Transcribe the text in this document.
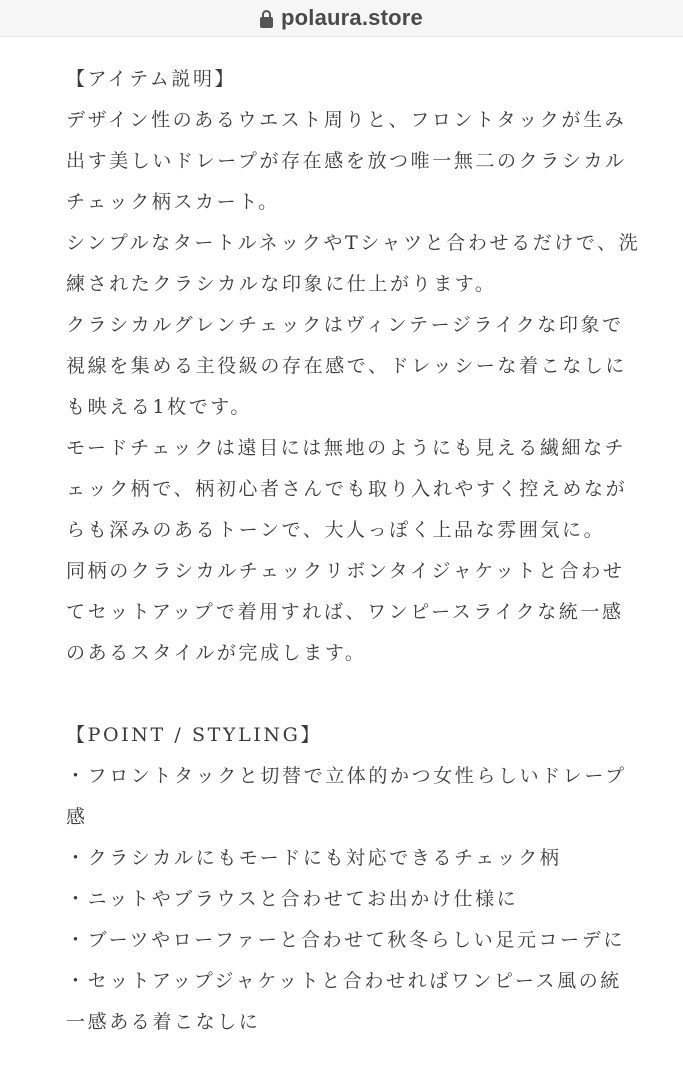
polaura.store
【アイテム説明】
デザイン性のあるウエスト周りと、フロントタックが生み
出す美しいドレープが存在感を放つ唯一無二のクラシカル
チェック柄スカート。
シンプルなタートルネックやTシャツと合わせるだけで、洗
練されたクラシカルな印象に仕上がります。
クラシカルグレンチェックはヴィンテージライクな印象で
視線を集める主役級の存在感で、ドレッシーな着こなしに
も映える1枚です。
モードチェックは遠目には無地のようにも見える繊細なチ
ェック柄で、柄初心者さんでも取り入れやすく控えめなが
らも深みのあるトーンで、大人っぽく上品な雰囲気に。
同柄のクラシカルチェックリボンタイジャケットと合わせ
てセットアップで着用すれば、ワンピースライクな統一感
のあるスタイルが完成します。
【POINT / STYLING】
・フロントタックと切替で立体的かつ女性らしいドレープ
感
・クラシカルにもモードにも対応できるチェック柄
・ニットやブラウスと合わせてお出かけ仕様に
・ブーツやローファーと合わせて秋冬らしい足元コーデに
・セットアップジャケットと合わせればワンピース風の統
一感ある着こなしに
